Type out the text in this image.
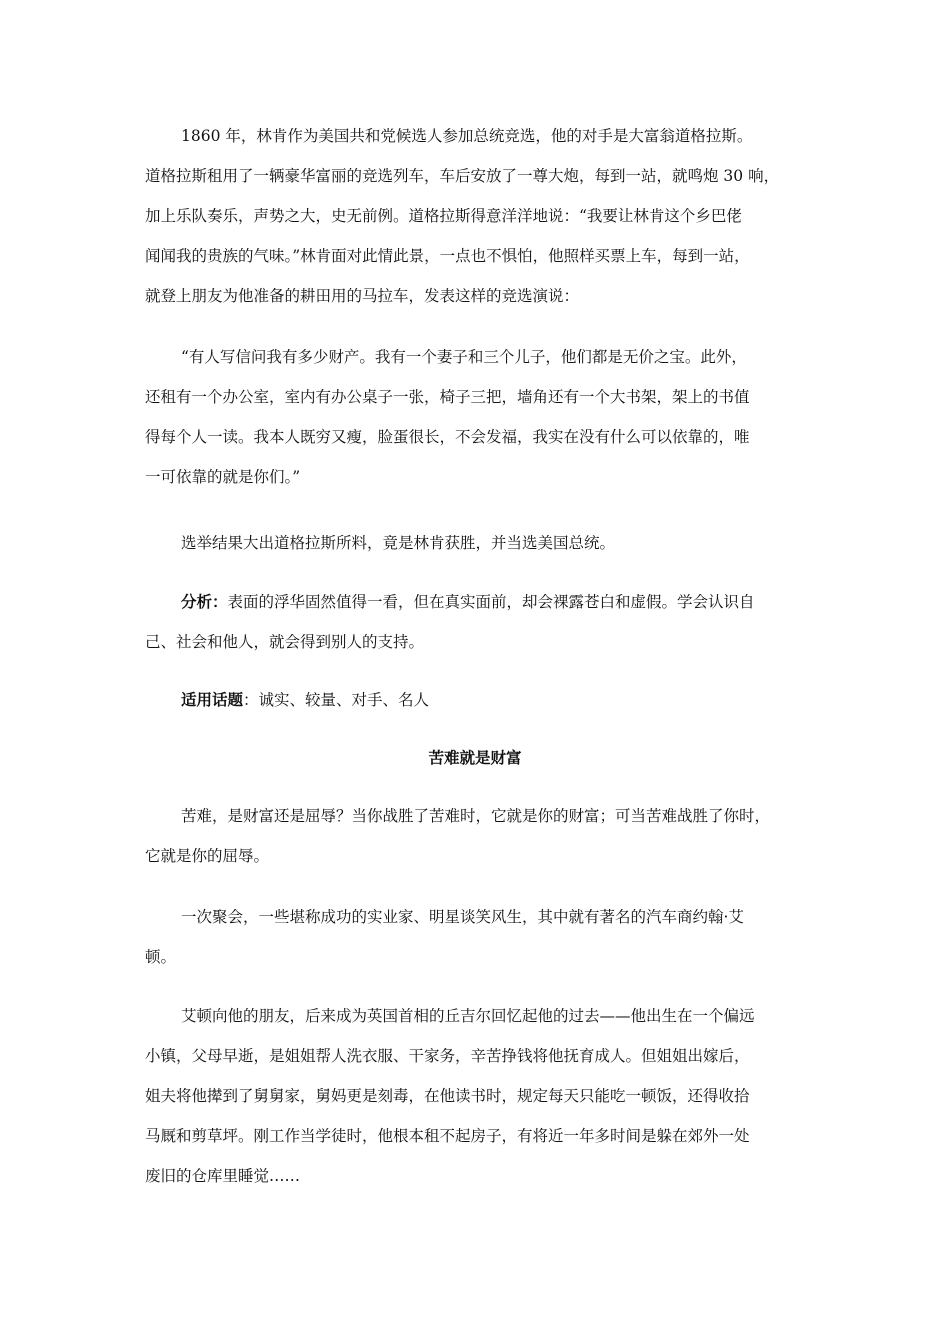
1860 年，林肯作为美国共和党候选人参加总统竞选，他的对手是大富翁道格拉斯。
道格拉斯租用了一辆豪华富丽的竞选列车，车后安放了一尊大炮，每到一站，就鸣炮 30 响，
加上乐队奏乐，声势之大，史无前例。道格拉斯得意洋洋地说：“我要让林肯这个乡巴佬
闻闻我的贵族的气味。”林肯面对此情此景，一点也不惧怕，他照样买票上车，每到一站，
就登上朋友为他准备的耕田用的马拉车，发表这样的竞选演说：
“有人写信问我有多少财产。我有一个妻子和三个儿子，他们都是无价之宝。此外，
还租有一个办公室，室内有办公桌子一张，椅子三把，墙角还有一个大书架，架上的书值
得每个人一读。我本人既穷又瘦，脸蛋很长，不会发福，我实在没有什么可以依靠的，唯
一可依靠的就是你们。”
选举结果大出道格拉斯所料，竟是林肯获胜，并当选美国总统。
分析：表面的浮华固然值得一看，但在真实面前，却会裸露苍白和虚假。学会认识自
己、社会和他人，就会得到别人的支持。
适用话题：诚实、较量、对手、名人
苦难就是财富
苦难，是财富还是屈辱？当你战胜了苦难时，它就是你的财富；可当苦难战胜了你时，
它就是你的屈辱。
一次聚会，一些堪称成功的实业家、明星谈笑风生，其中就有著名的汽车商约翰·艾
顿。
艾顿向他的朋友，后来成为英国首相的丘吉尔回忆起他的过去——他出生在一个偏远
小镇，父母早逝，是姐姐帮人洗衣服、干家务，辛苦挣钱将他抚育成人。但姐姐出嫁后，
姐夫将他撵到了舅舅家，舅妈更是刻毒，在他读书时，规定每天只能吃一顿饭，还得收拾
马厩和剪草坪。刚工作当学徒时，他根本租不起房子，有将近一年多时间是躲在郊外一处
废旧的仓库里睡觉……
